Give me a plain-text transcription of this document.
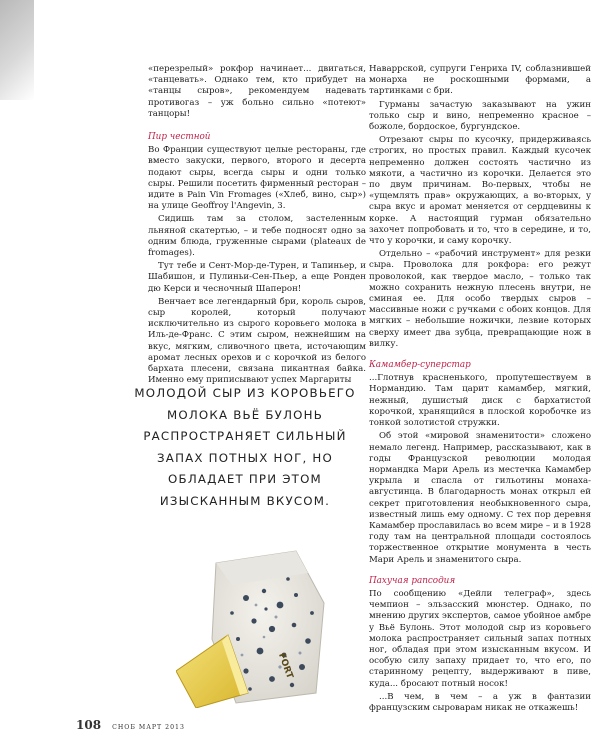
«перезрелый» рокфор начинает... двигаться, «танцевать». Однако тем, кто прибудет на «танцы сыров», рекомендуем надевать противогаз – уж больно сильно «потеют» танцоры!

Пир честной

Во Франции существуют целые рестораны, где вместо закуски, первого, второго и десерта подают сыры, всегда сыры и одни только сыры. Решили посетить фирменный ресторан – идите в Pain Vin Fromages («Хлеб, вино, сыр») на улице Geoffroy l'Angevin, 3.

Сидишь там за столом, застеленным льняной скатертью, – и тебе подносят одно за одним блюда, груженные сырами (plateaux de fromages).

Тут тебе и Сент-Мор-де-Турен, и Тапиньер, и Шабишон, и Пулиньи-Сен-Пьер, а еще Ронден дю Керси и чесночный Шаперон!

Венчает все легендарный бри, король сыров, сыр королей, который получают исключительно из сырого коровьего молока в Иль-де-Франс. С этим сыром, нежнейшим на вкус, мягким, сливочного цвета, источающим аромат лесных орехов и с корочкой из белого бархата плесени, связана пикантная байка. Именно ему приписывают успех Маргариты

МОЛОДОЙ СЫР ИЗ КОРОВЬЕГО МОЛОКА ВЬЁ БУЛОНЬ РАСПРОСТРАНЯЕТ СИЛЬНЫЙ ЗАПАХ ПОТНЫХ НОГ, НО ОБЛАДАЕТ ПРИ ЭТОМ ИЗЫСКАННЫМ ВКУСОМ.
FORT

Наваррской, супруги Генриха IV, соблазнившей монарха не роскошными формами, а тартинками с бри.

Гурманы зачастую заказывают на ужин только сыр и вино, непременно красное – божоле, бордоское, бургундское.

Отрезают сыры по кусочку, придерживаясь строгих, но простых правил. Каждый кусочек непременно должен состоять частично из мякоти, а частично из корочки. Делается это по двум причинам. Во-первых, чтобы не «ущемлять прав» окружающих, а во-вторых, у сыра вкус и аромат меняется от сердцевины к корке. А настоящий гурман обязательно захочет попробовать и то, что в середине, и то, что у корочки, и саму корочку.

Отдельно – «рабочий инструмент» для резки сыра. Проволока для рокфора: его режут проволокой, как твердое масло, – только так можно сохранить нежную плесень внутри, не сминая ее. Для особо твердых сыров – массивные ножи с ручками с обоих концов. Для мягких – небольшие ножички, лезвие которых сверху имеет два зубца, превращающие нож в вилку.

Камамбер-суперстар

...Глотнув красненького, пропутешествуем в Нормандию. Там царит камамбер, мягкий, нежный, душистый диск с бархатистой корочкой, хранящийся в плоской коробочке из тонкой золотистой стружки.

Об этой «мировой знаменитости» сложено немало легенд. Например, рассказывают, как в годы Французской революции молодая нормандка Мари Арель из местечка Камамбер укрыла и спасла от гильотины монаха-августинца. В благодарность монах открыл ей секрет приготовления необыкновенного сыра, известный лишь ему одному. С тех пор деревня Камамбер прославилась во всем мире – и в 1928 году там на центральной площади состоялось торжественное открытие монумента в честь Мари Арель и знаменитого сыра.

Пахучая рапсодия

По сообщению «Дейли телеграф», здесь чемпион – эльзасский мюнстер. Однако, по мнению других экспертов, самое убойное амбре у Вьё Булонь. Этот молодой сыр из коровьего молока распространяет сильный запах потных ног, обладая при этом изысканным вкусом. И особую силу запаху придает то, что его, по старинному рецепту, выдерживают в пиве, куда... бросают потный носок!

...В чем, в чем – а уж в фантазии французским сыроварам никак не откажешь!

108 СНОБ МАРТ 2013
